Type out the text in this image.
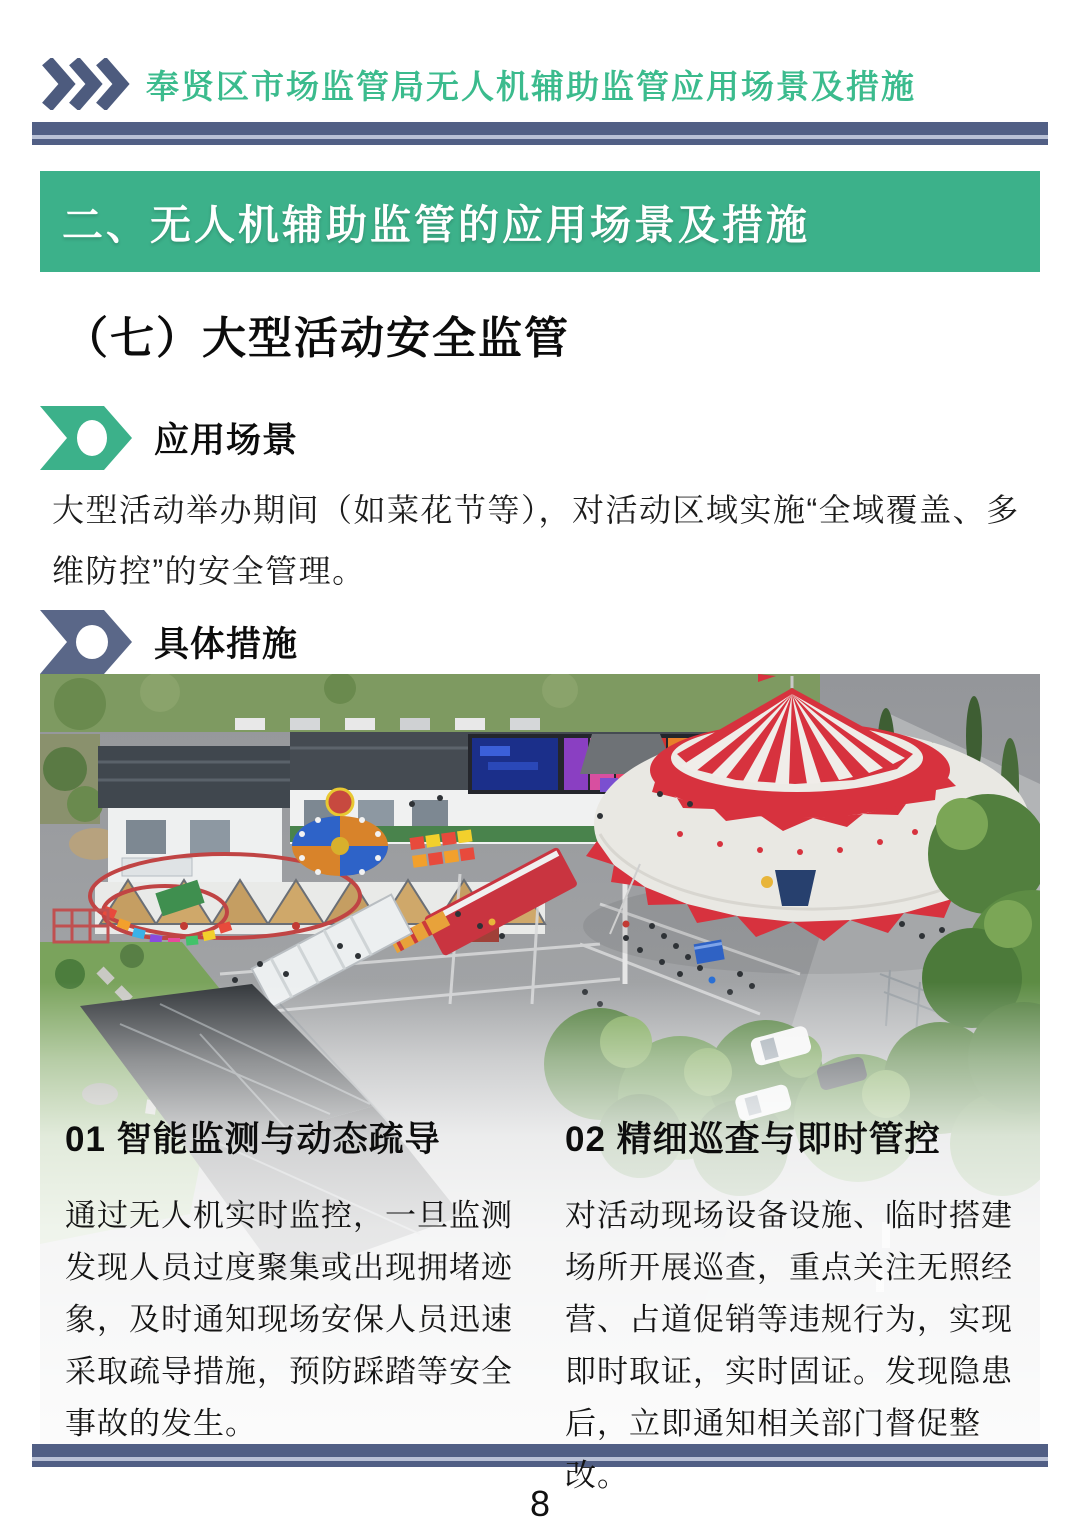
奉贤区市场监管局无人机辅助监管应用场景及措施
二、无人机辅助监管的应用场景及措施
（七）大型活动安全监管
应用场景
大型活动举办期间（如菜花节等），对活动区域实施“全域覆盖、多维防控”的安全管理。
具体措施
01 智能监测与动态疏导

通过无人机实时监控，一旦监测发现人员过度聚集或出现拥堵迹象，及时通知现场安保人员迅速采取疏导措施，预防踩踏等安全事故的发生。

02 精细巡查与即时管控

对活动现场设备设施、临时搭建场所开展巡查，重点关注无照经营、占道促销等违规行为，实现即时取证，实时固证。发现隐患后，立即通知相关部门督促整改。

8
